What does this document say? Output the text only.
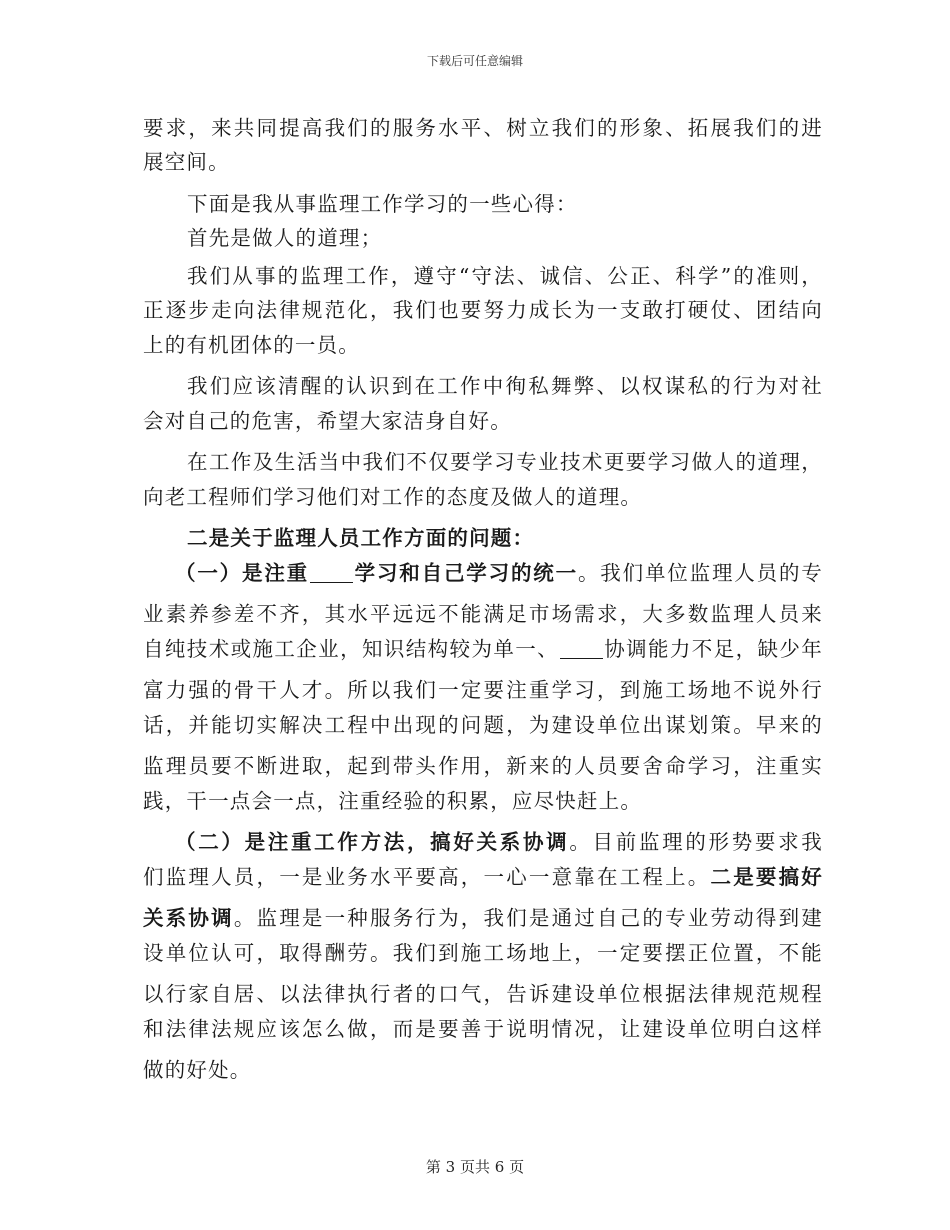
下载后可任意编辑
要求，来共同提高我们的服务水平、树立我们的形象、拓展我们的进
展空间。
下面是我从事监理工作学习的一些心得：
首先是做人的道理；
我们从事的监理工作，遵守“守法、诚信、公正、科学”的准则，
正逐步走向法律规范化，我们也要努力成长为一支敢打硬仗、团结向
上的有机团体的一员。
我们应该清醒的认识到在工作中徇私舞弊、以权谋私的行为对社
会对自己的危害，希望大家洁身自好。
在工作及生活当中我们不仅要学习专业技术更要学习做人的道理，
向老工程师们学习他们对工作的态度及做人的道理。
二是关于监理人员工作方面的问题：
（一）是注重 学习和自己学习的统一。我们单位监理人员的专
业素养参差不齐，其水平远远不能满足市场需求，大多数监理人员来
自纯技术或施工企业，知识结构较为单一、 协调能力不足，缺少年
富力强的骨干人才。所以我们一定要注重学习，到施工场地不说外行
话，并能切实解决工程中出现的问题，为建设单位出谋划策。早来的
监理员要不断进取，起到带头作用，新来的人员要舍命学习，注重实
践，干一点会一点，注重经验的积累，应尽快赶上。
（二）是注重工作方法，搞好关系协调。目前监理的形势要求我
们监理人员，一是业务水平要高，一心一意靠在工程上。二是要搞好
关系协调。监理是一种服务行为，我们是通过自己的专业劳动得到建
设单位认可，取得酬劳。我们到施工场地上，一定要摆正位置，不能
以行家自居、以法律执行者的口气，告诉建设单位根据法律规范规程
和法律法规应该怎么做，而是要善于说明情况，让建设单位明白这样
做的好处。
第 3 页共 6 页
